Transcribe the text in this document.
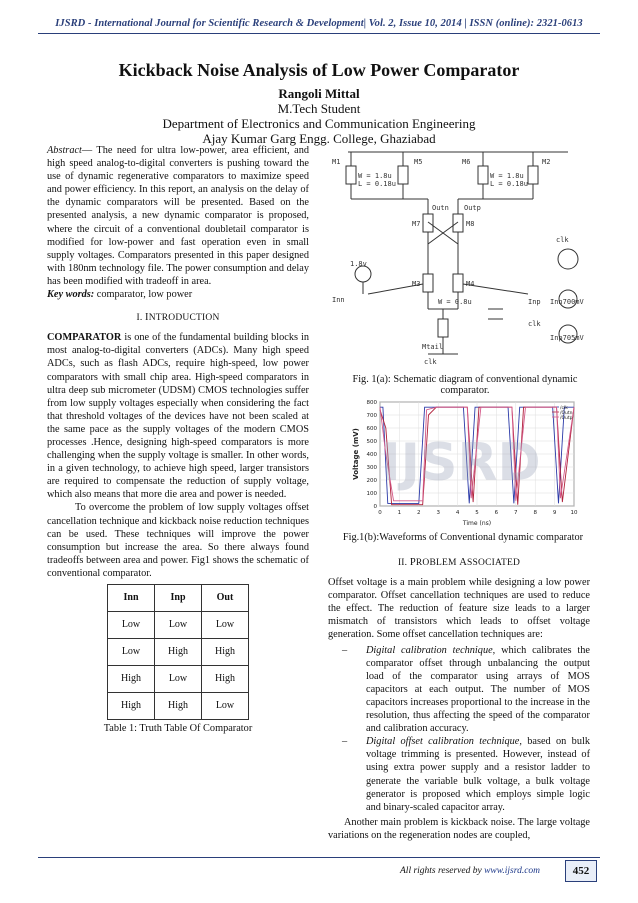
IJSRD - International Journal for Scientific Research & Development| Vol. 2, Issue 10, 2014 | ISSN (online): 2321-0613
Kickback Noise Analysis of Low Power Comparator
Rangoli Mittal
M.Tech Student
Department of Electronics and Communication Engineering
Ajay Kumar Garg Engg. College, Ghaziabad

Abstract— The need for ultra low-power, area efficient, and high speed analog-to-digital converters is pushing toward the use of dynamic regenerative comparators to maximize speed and power efficiency. In this report, an analysis on the delay of the dynamic comparators will be presented. Based on the presented analysis, a new dynamic comparator is proposed, where the circuit of a conventional doubletail comparator is modified for low-power and fast operation even in small supply voltages. Comparators presented in this paper designed with 180nm technology file. The power consumption and delay has been modified with tradeoff in area.

Key words: comparator, low power

I. INTRODUCTION

COMPARATOR is one of the fundamental building blocks in most analog-to-digital converters (ADCs). Many high speed ADCs, such as flash ADCs, require high-speed, low power comparators with small chip area. High-speed comparators in ultra deep sub micrometer (UDSM) CMOS technologies suffer from low supply voltages especially when considering the fact that threshold voltages of the devices have not been scaled at the same pace as the supply voltages of the modern CMOS processes .Hence, designing high-speed comparators is more challenging when the supply voltage is smaller. In other words, in a given technology, to achieve high speed, larger transistors are required to compensate the reduction of supply voltage, which also means that more die area and power is needed.

To overcome the problem of low supply voltages offset cancellation technique and kickback noise reduction techniques can be used. These techniques will improve the power consumption but increase the area. So there always found tradeoffs between area and power. Fig1 shows the schematic of conventional comparator.

Inn	Inp	Out
Low	Low	Low
Low	High	High
High	Low	High
High	High	Low
Table 1: Truth Table Of Comparator
M1	M5	M6	M2
Outn Outp
M3	M4
M7	M8
Inn	Inp
Mtail
clk
clk
clk
Inn700mV
Inp705mV
W = 1.8u
L = 0.18u
W = 0.8u
W = 1.8u
L = 0.18u
1.8v
Fig. 1(a): Schematic diagram of conventional dynamic comparator.
0
100
200
300
400
500
600
700
800
0	1	2	3	4	5	6	7	8	9	10
Time (ns)
Voltage (mV)
/clk
/Outn
/Outp
IJSRD
Fig.1(b):Waveforms of Conventional dynamic comparator
II. PROBLEM ASSOCIATED

Offset voltage is a main problem while designing a low power comparator. Offset cancellation techniques are used to reduce the effect. The reduction of feature size leads to a larger mismatch of transistors which leads to offset voltage generation. Some offset cancellation techniques are:

– Digital calibration technique, which calibrates the comparator offset through unbalancing the output load of the comparator using arrays of MOS capacitors at each output. The number of MOS capacitors increases proportional to the increase in the resolution, thus affecting the speed of the comparator and calibration accuracy.
– Digital offset calibration technique, based on bulk voltage trimming is presented. However, instead of using extra power supply and a resistor ladder to generate the variable bulk voltage, a bulk voltage generator is proposed which employs simple logic and binary-scaled capacitor array.

Another main problem is kickback noise. The large voltage variations on the regeneration nodes are coupled,

All rights reserved by www.ijsrd.com	452
